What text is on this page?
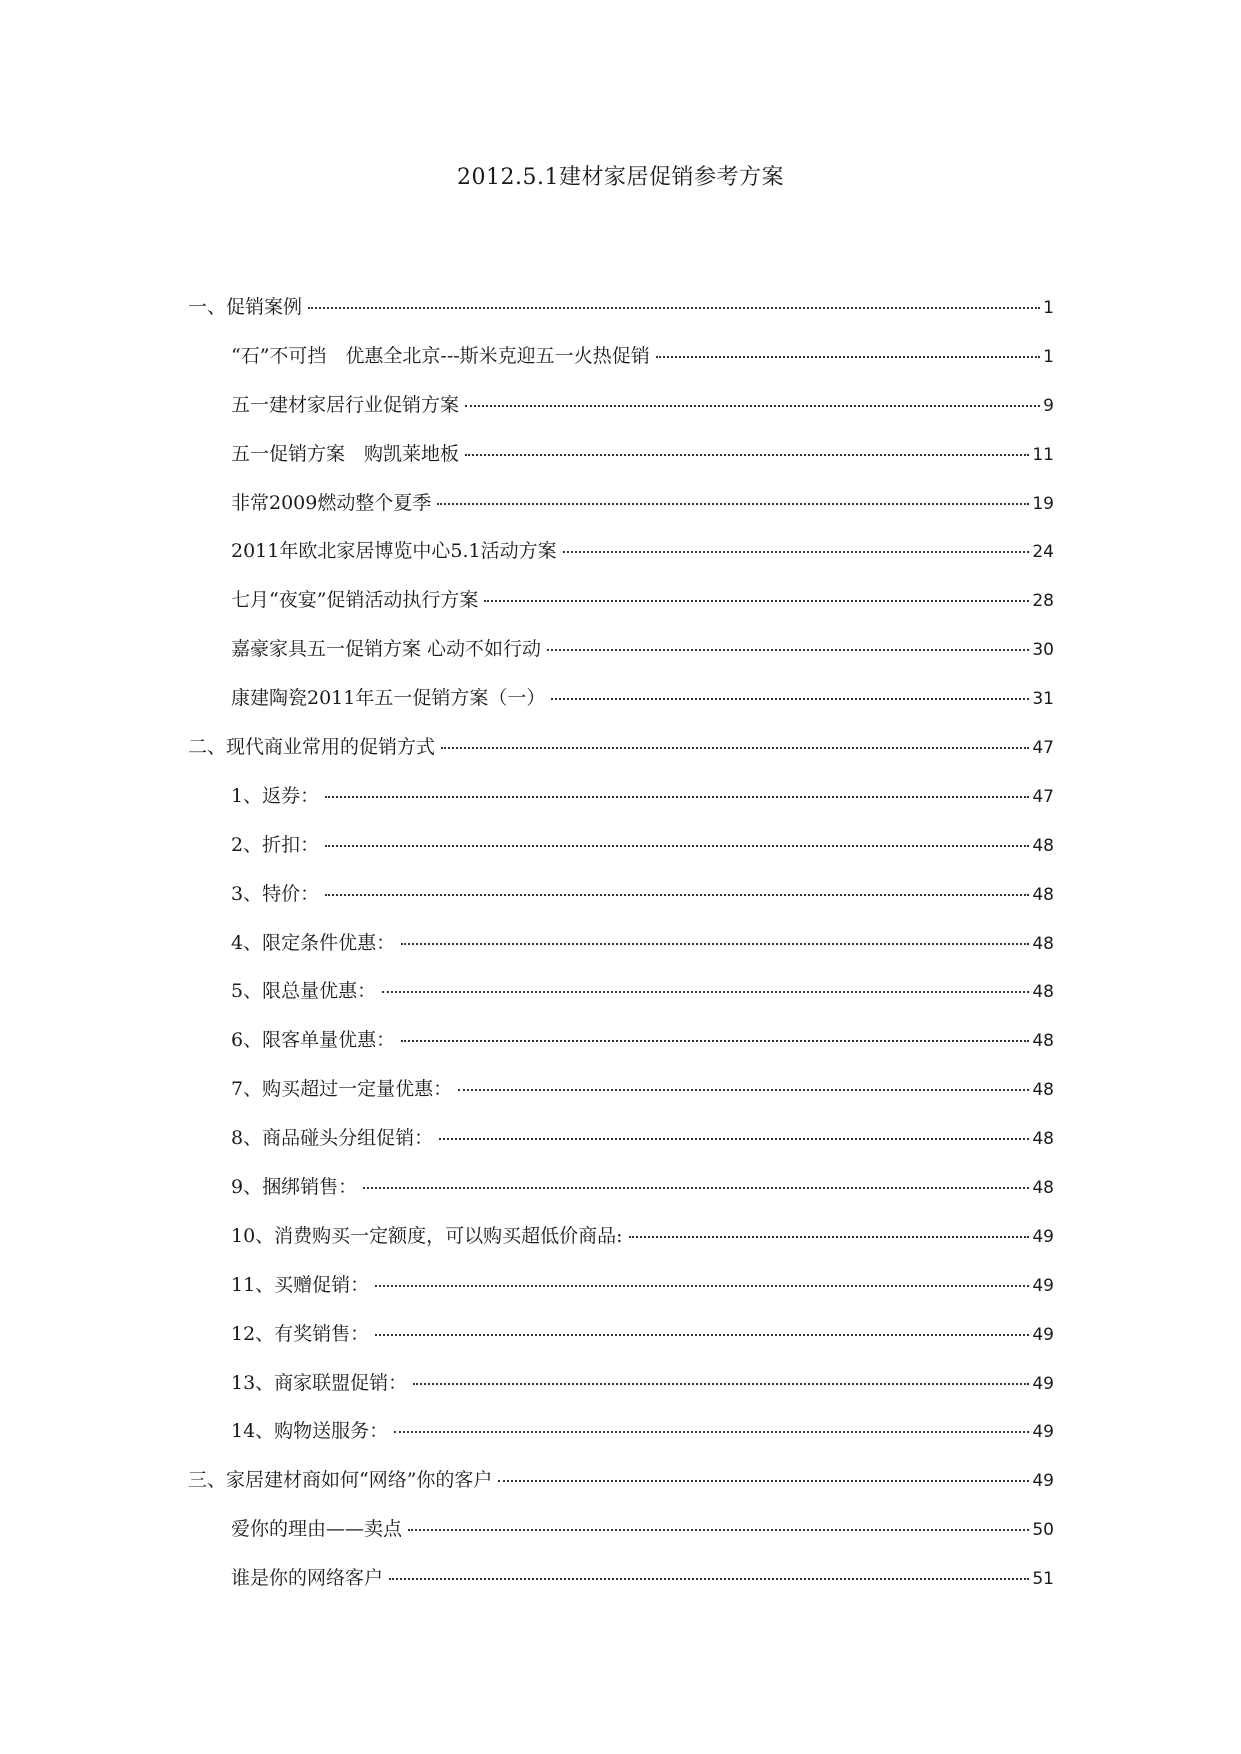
2012.5.1建材家居促销参考方案
一、促销案例	1
“石”不可挡　优惠全北京---斯米克迎五一火热促销	1
五一建材家居行业促销方案	9
五一促销方案　购凯莱地板	11
非常2009燃动整个夏季	19
2011年欧北家居博览中心5.1活动方案	24
七月“夜宴”促销活动执行方案	28
嘉豪家具五一促销方案 心动不如行动	30
康建陶瓷2011年五一促销方案（一）	31
二、现代商业常用的促销方式	47
1、返券：	47
2、折扣：	48
3、特价：	48
4、限定条件优惠：	48
5、限总量优惠：	48
6、限客单量优惠：	48
7、购买超过一定量优惠：	48
8、商品碰头分组促销：	48
9、捆绑销售：	48
10、消费购买一定额度，可以购买超低价商品:	49
11、买赠促销：	49
12、有奖销售：	49
13、商家联盟促销：	49
14、购物送服务：	49
三、家居建材商如何“网络”你的客户	49
爱你的理由——卖点	50
谁是你的网络客户	51
